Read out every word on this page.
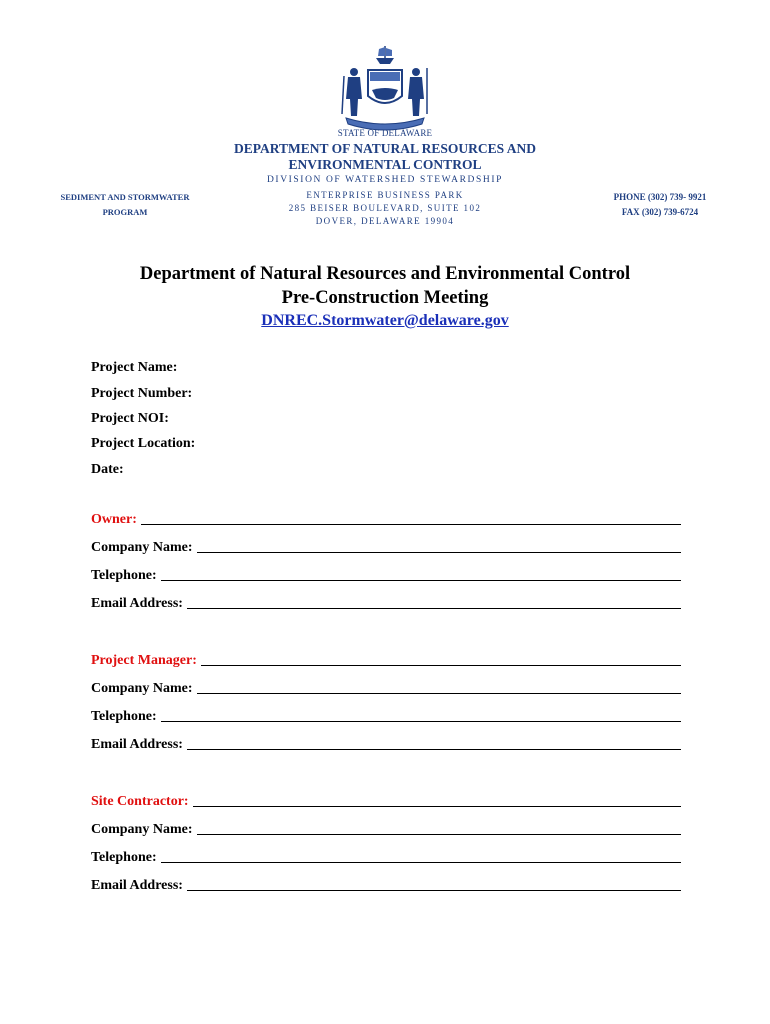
STATE OF DELAWARE
DEPARTMENT OF NATURAL RESOURCES AND
ENVIRONMENTAL CONTROL
DIVISION OF WATERSHED STEWARDSHIP
ENTERPRISE BUSINESS PARK
285 BEISER BOULEVARD, SUITE 102
DOVER, DELAWARE 19904
SEDIMENT AND STORMWATER
PROGRAM
PHONE (302) 739- 9921
FAX (302) 739-6724
Department of Natural Resources and Environmental Control
Pre-Construction Meeting
DNREC.Stormwater@delaware.gov
Project Name:
Project Number:
Project NOI:
Project Location:
Date:
Owner:
Company Name:
Telephone:
Email Address:
Project Manager:
Company Name:
Telephone:
Email Address:
Site Contractor:
Company Name:
Telephone:
Email Address:
